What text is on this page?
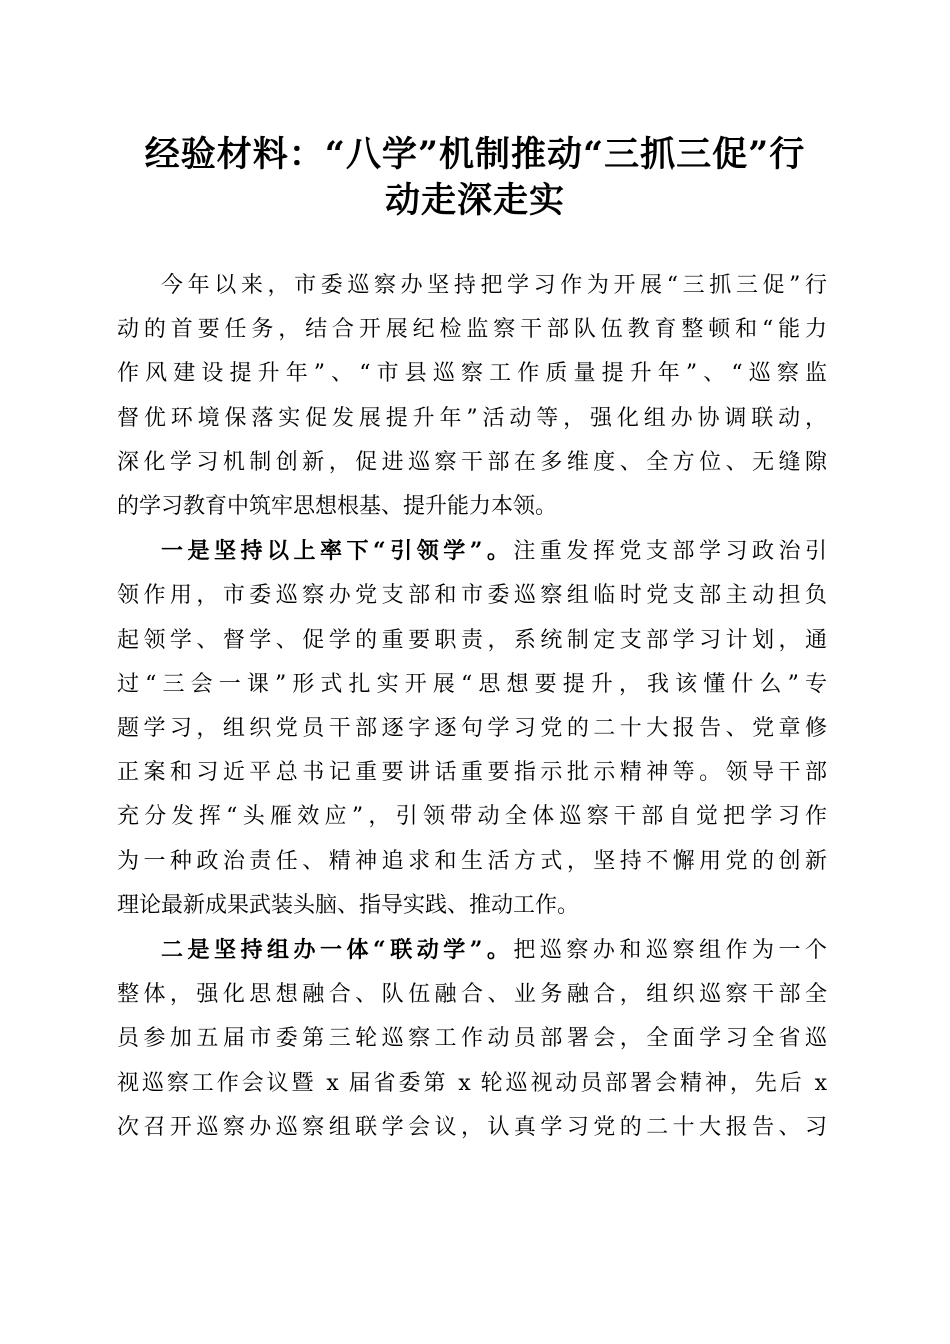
经验材料：“八学”机制推动“三抓三促”行
动走深走实
今年以来，市委巡察办坚持把学习作为开展“三抓三促”行
动的首要任务，结合开展纪检监察干部队伍教育整顿和“能力
作风建设提升年”、“市县巡察工作质量提升年”、“巡察监
督优环境保落实促发展提升年”活动等，强化组办协调联动，
深化学习机制创新，促进巡察干部在多维度、全方位、无缝隙
的学习教育中筑牢思想根基、提升能力本领。
一是坚持以上率下“引领学”。注重发挥党支部学习政治引
领作用，市委巡察办党支部和市委巡察组临时党支部主动担负
起领学、督学、促学的重要职责，系统制定支部学习计划，通
过“三会一课”形式扎实开展“思想要提升，我该懂什么”专
题学习，组织党员干部逐字逐句学习党的二十大报告、党章修
正案和习近平总书记重要讲话重要指示批示精神等。领导干部
充分发挥“头雁效应”，引领带动全体巡察干部自觉把学习作
为一种政治责任、精神追求和生活方式，坚持不懈用党的创新
理论最新成果武装头脑、指导实践、推动工作。
二是坚持组办一体“联动学”。把巡察办和巡察组作为一个
整体，强化思想融合、队伍融合、业务融合，组织巡察干部全
员参加五届市委第三轮巡察工作动员部署会，全面学习全省巡
视巡察工作会议暨 x 届省委第 x 轮巡视动员部署会精神，先后 x
次召开巡察办巡察组联学会议，认真学习党的二十大报告、习
